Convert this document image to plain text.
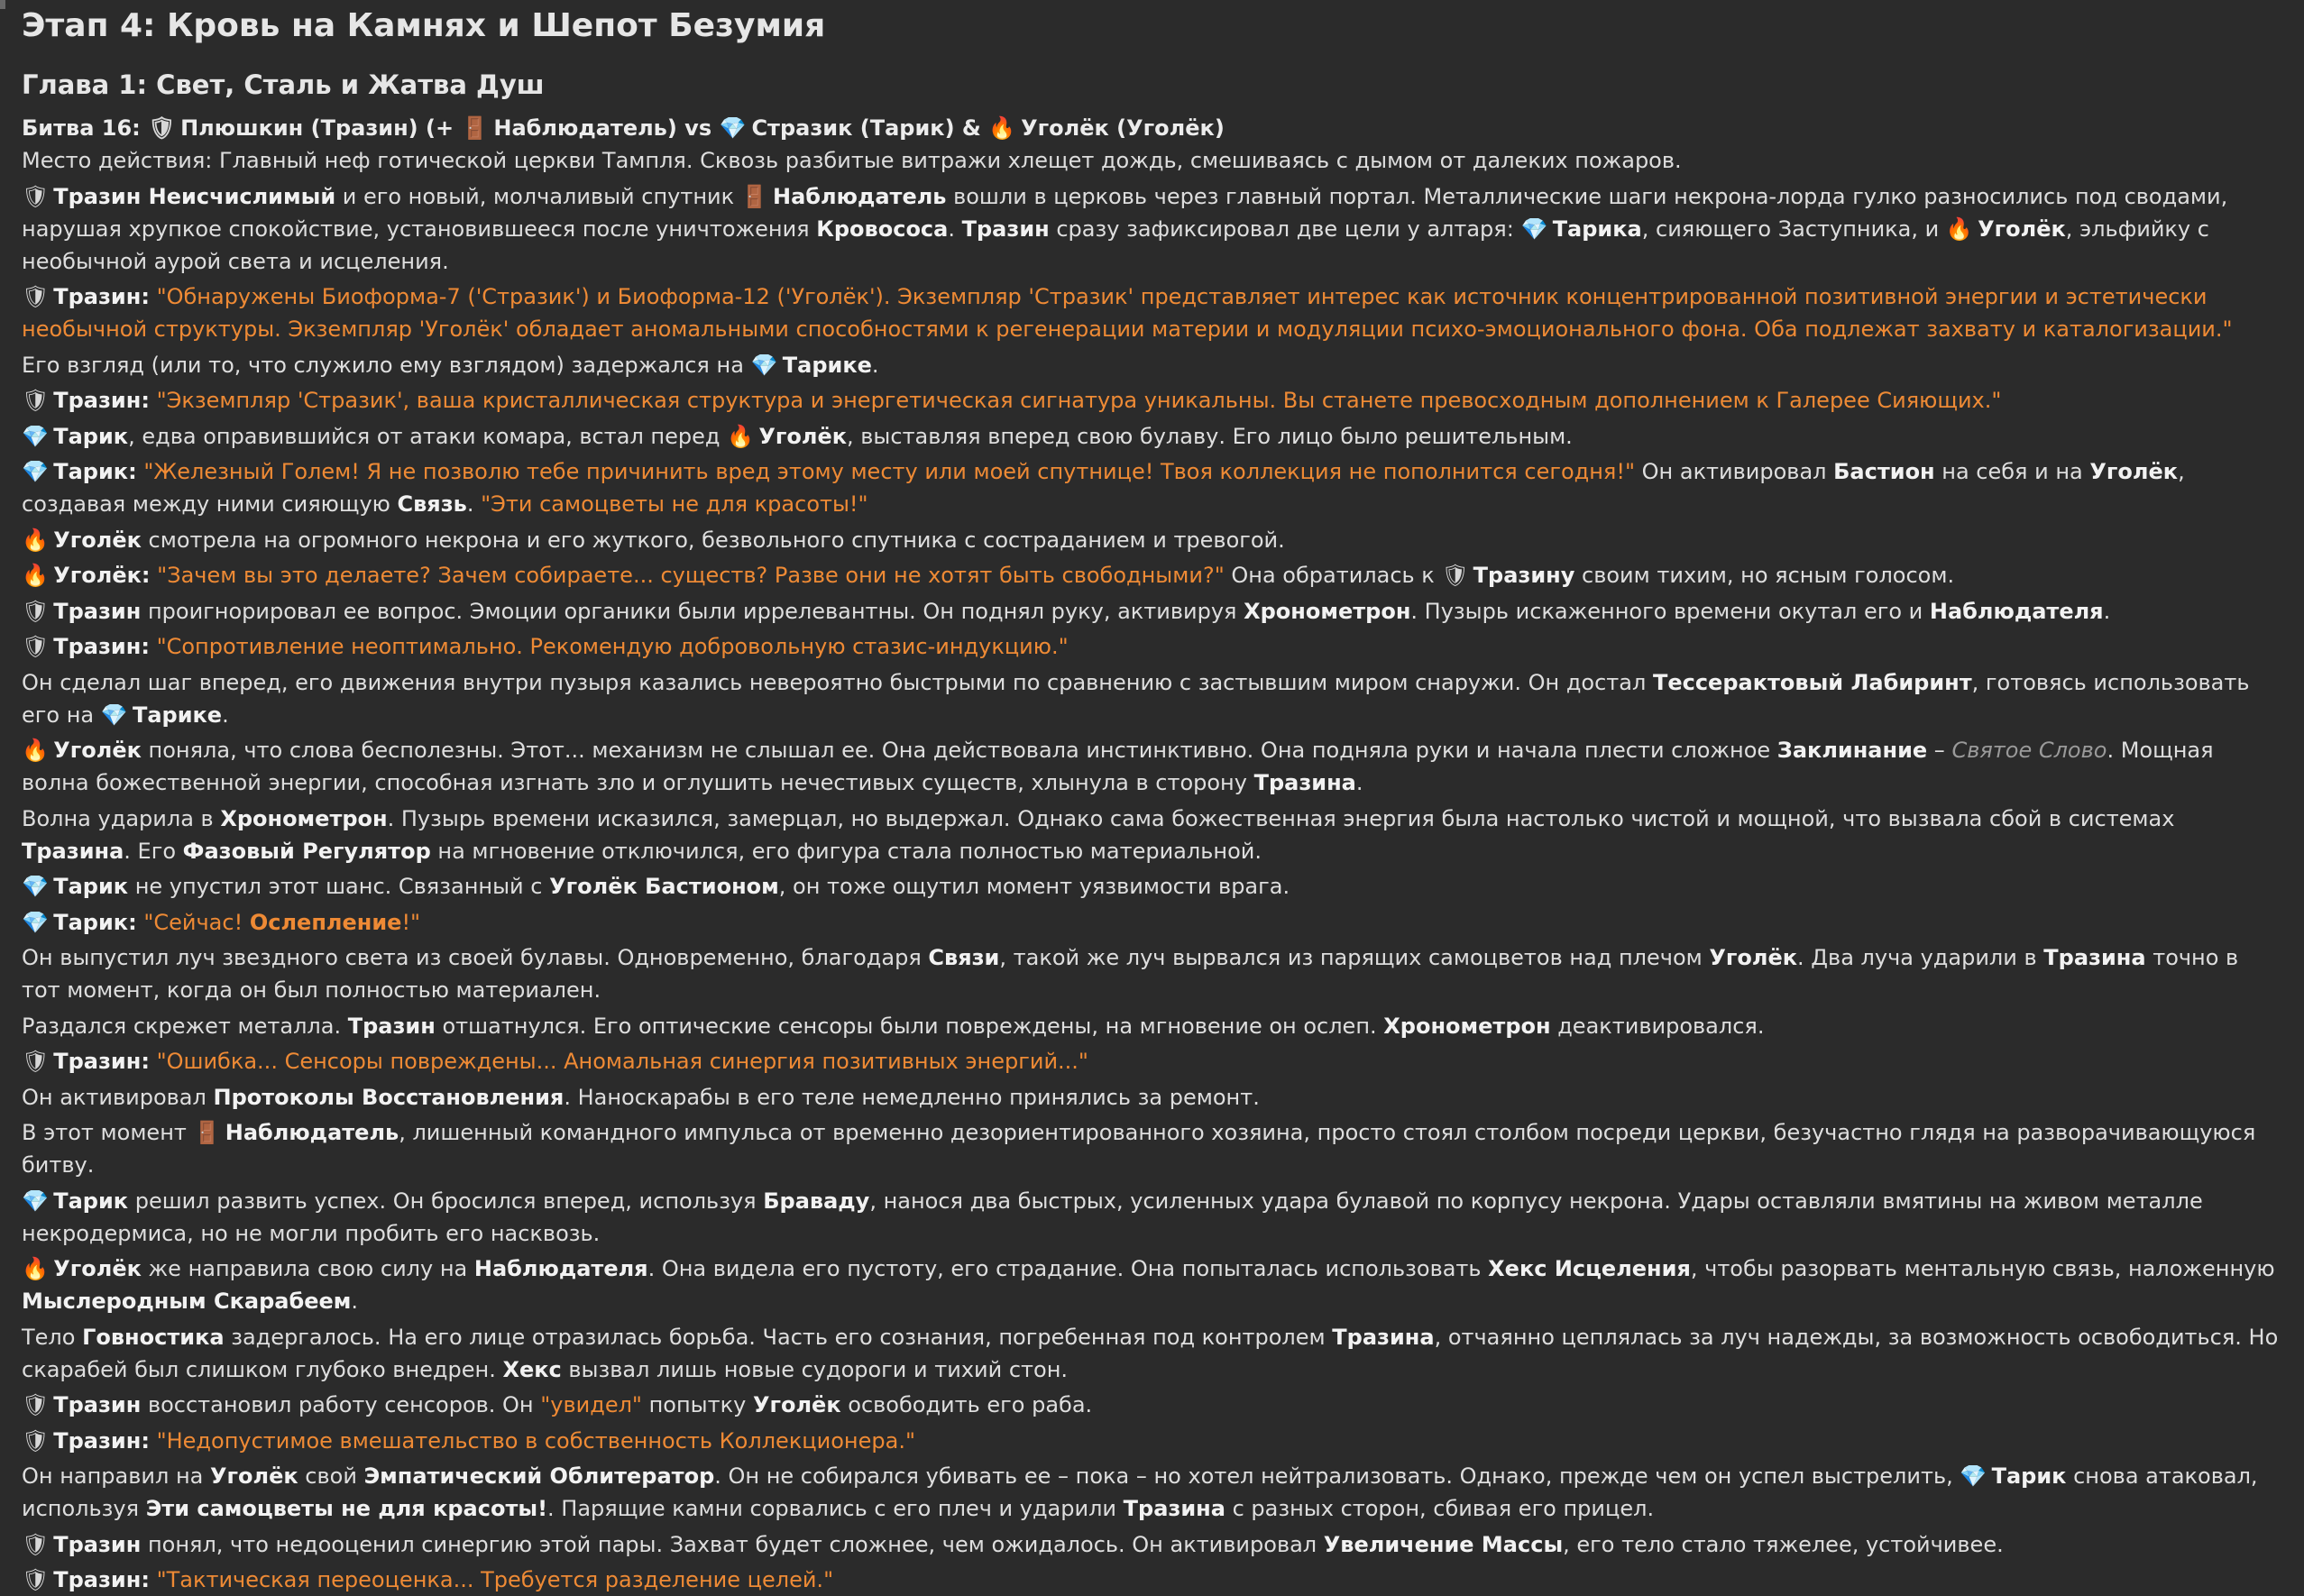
Этап 4: Кровь на Камнях и Шепот Безумия
Глава 1: Свет, Сталь и Жатва Душ
Битва 16: 🛡 Плюшкин (Тразин) (+ 🚪 Наблюдатель) vs 💎 Стразик (Тарик) & 🔥 Уголёк (Уголёк)

Место действия: Главный неф готической церкви Тампля. Сквозь разбитые витражи хлещет дождь, смешиваясь с дымом от далеких пожаров.

🛡 Тразин Неисчислимый и его новый, молчаливый спутник 🚪 Наблюдатель вошли в церковь через главный портал. Металлические шаги некрона-лорда гулко разносились под сводами, нарушая хрупкое спокойствие, установившееся после уничтожения Кровососа. Тразин сразу зафиксировал две цели у алтаря: 💎 Тарика, сияющего Заступника, и 🔥 Уголёк, эльфийку с необычной аурой света и исцеления.

🛡 Тразин: "Обнаружены Биоформа-7 ('Стразик') и Биоформа-12 ('Уголёк'). Экземпляр 'Стразик' представляет интерес как источник концентрированной позитивной энергии и эстетически необычной структуры. Экземпляр 'Уголёк' обладает аномальными способностями к регенерации материи и модуляции психо-эмоционального фона. Оба подлежат захвату и каталогизации."

Его взгляд (или то, что служило ему взглядом) задержался на 💎 Тарике.

🛡 Тразин: "Экземпляр 'Стразик', ваша кристаллическая структура и энергетическая сигнатура уникальны. Вы станете превосходным дополнением к Галерее Сияющих."

💎 Тарик, едва оправившийся от атаки комара, встал перед 🔥 Уголёк, выставляя вперед свою булаву. Его лицо было решительным.

💎 Тарик: "Железный Голем! Я не позволю тебе причинить вред этому месту или моей спутнице! Твоя коллекция не пополнится сегодня!" Он активировал Бастион на себя и на Уголёк, создавая между ними сияющую Связь. "Эти самоцветы не для красоты!"

🔥 Уголёк смотрела на огромного некрона и его жуткого, безвольного спутника с состраданием и тревогой.

🔥 Уголёк: "Зачем вы это делаете? Зачем собираете... существ? Разве они не хотят быть свободными?" Она обратилась к 🛡 Тразину своим тихим, но ясным голосом.

🛡 Тразин проигнорировал ее вопрос. Эмоции органики были иррелевантны. Он поднял руку, активируя Хронометрон. Пузырь искаженного времени окутал его и Наблюдателя.

🛡 Тразин: "Сопротивление неоптимально. Рекомендую добровольную стазис-индукцию."

Он сделал шаг вперед, его движения внутри пузыря казались невероятно быстрыми по сравнению с застывшим миром снаружи. Он достал Тессерактовый Лабиринт, готовясь использовать его на 💎 Тарике.

🔥 Уголёк поняла, что слова бесполезны. Этот... механизм не слышал ее. Она действовала инстинктивно. Она подняла руки и начала плести сложное Заклинание – Святое Слово. Мощная волна божественной энергии, способная изгнать зло и оглушить нечестивых существ, хлынула в сторону Тразина.

Волна ударила в Хронометрон. Пузырь времени исказился, замерцал, но выдержал. Однако сама божественная энергия была настолько чистой и мощной, что вызвала сбой в системах Тразина. Его Фазовый Регулятор на мгновение отключился, его фигура стала полностью материальной.

💎 Тарик не упустил этот шанс. Связанный с Уголёк Бастионом, он тоже ощутил момент уязвимости врага.

💎 Тарик: "Сейчас! Ослепление!"

Он выпустил луч звездного света из своей булавы. Одновременно, благодаря Связи, такой же луч вырвался из парящих самоцветов над плечом Уголёк. Два луча ударили в Тразина точно в тот момент, когда он был полностью материален.

Раздался скрежет металла. Тразин отшатнулся. Его оптические сенсоры были повреждены, на мгновение он ослеп. Хронометрон деактивировался.

🛡 Тразин: "Ошибка... Сенсоры повреждены... Аномальная синергия позитивных энергий..."

Он активировал Протоколы Восстановления. Наноскарабы в его теле немедленно принялись за ремонт.

В этот момент 🚪 Наблюдатель, лишенный командного импульса от временно дезориентированного хозяина, просто стоял столбом посреди церкви, безучастно глядя на разворачивающуюся битву.

💎 Тарик решил развить успех. Он бросился вперед, используя Браваду, нанося два быстрых, усиленных удара булавой по корпусу некрона. Удары оставляли вмятины на живом металле некродермиса, но не могли пробить его насквозь.

🔥 Уголёк же направила свою силу на Наблюдателя. Она видела его пустоту, его страдание. Она попыталась использовать Хекс Исцеления, чтобы разорвать ментальную связь, наложенную Мыслеродным Скарабеем.

Тело Говностика задергалось. На его лице отразилась борьба. Часть его сознания, погребенная под контролем Тразина, отчаянно цеплялась за луч надежды, за возможность освободиться. Но скарабей был слишком глубоко внедрен. Хекс вызвал лишь новые судороги и тихий стон.

🛡 Тразин восстановил работу сенсоров. Он "увидел" попытку Уголёк освободить его раба.

🛡 Тразин: "Недопустимое вмешательство в собственность Коллекционера."

Он направил на Уголёк свой Эмпатический Облитератор. Он не собирался убивать ее – пока – но хотел нейтрализовать. Однако, прежде чем он успел выстрелить, 💎 Тарик снова атаковал, используя Эти самоцветы не для красоты!. Парящие камни сорвались с его плеч и ударили Тразина с разных сторон, сбивая его прицел.

🛡 Тразин понял, что недооценил синергию этой пары. Захват будет сложнее, чем ожидалось. Он активировал Увеличение Массы, его тело стало тяжелее, устойчивее.

🛡 Тразин: "Тактическая переоценка... Требуется разделение целей."
